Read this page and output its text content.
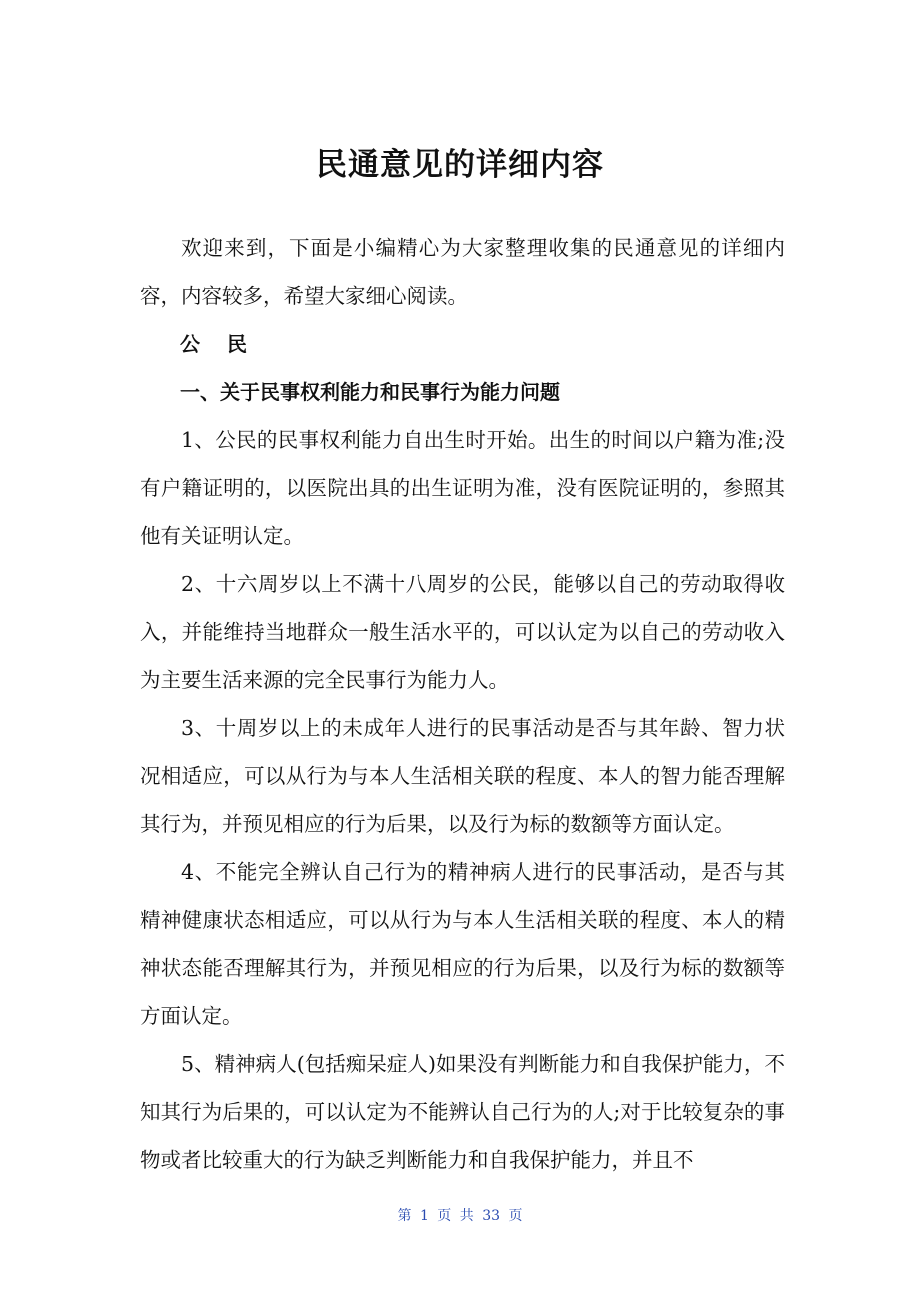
民通意见的详细内容

欢迎来到，下面是小编精心为大家整理收集的民通意见的详细内容，内容较多，希望大家细心阅读。

公 民

一、关于民事权利能力和民事行为能力问题

1、公民的民事权利能力自出生时开始。出生的时间以户籍为准;没有户籍证明的，以医院出具的出生证明为准，没有医院证明的，参照其他有关证明认定。

2、十六周岁以上不满十八周岁的公民，能够以自己的劳动取得收入，并能维持当地群众一般生活水平的，可以认定为以自己的劳动收入为主要生活来源的完全民事行为能力人。

3、十周岁以上的未成年人进行的民事活动是否与其年龄、智力状况相适应，可以从行为与本人生活相关联的程度、本人的智力能否理解其行为，并预见相应的行为后果，以及行为标的数额等方面认定。

4、不能完全辨认自己行为的精神病人进行的民事活动，是否与其精神健康状态相适应，可以从行为与本人生活相关联的程度、本人的精神状态能否理解其行为，并预见相应的行为后果，以及行为标的数额等方面认定。

5、精神病人(包括痴呆症人)如果没有判断能力和自我保护能力，不知其行为后果的，可以认定为不能辨认自己行为的人;对于比较复杂的事物或者比较重大的行为缺乏判断能力和自我保护能力，并且不

第 1 页 共 33 页
